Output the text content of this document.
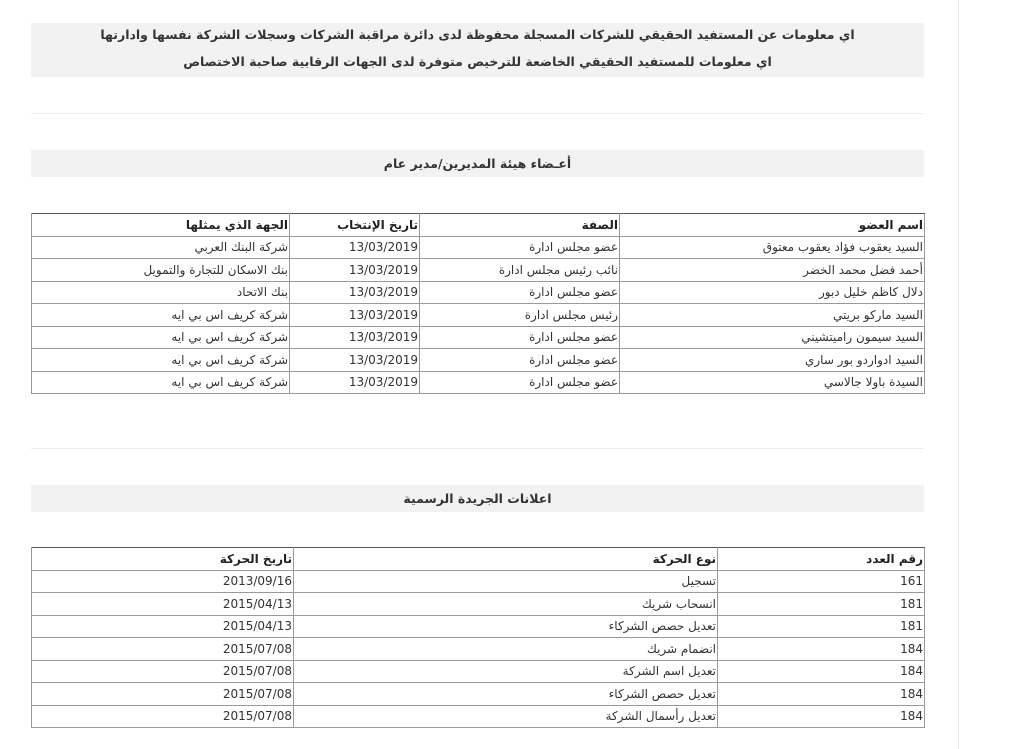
اي معلومات عن المستفيد الحقيقي للشركات المسجلة محفوظة لدى دائرة مراقبة الشركات وسجلات الشركة نفسها وادارتها
اي معلومات للمستفيد الحقيقي الخاضعة للترخيص متوفرة لدى الجهات الرقابية صاحبة الاختصاص
أعـضاء هيئة المديرين/مدير عام
اسم العضو	الصفة	تاريخ الإنتخاب	الجهة الذي يمثلها
السيد يعقوب فؤاد يعقوب معتوق	عضو مجلس ادارة	13/03/2019	شركة البنك العربي
أحمد فضل محمد الخضر	نائب رئيس مجلس ادارة	13/03/2019	بنك الاسكان للتجارة والتمويل
دلال كاظم خليل دبور	عضو مجلس ادارة	13/03/2019	بنك الاتحاد
السيد ماركو بريتي	رئيس مجلس ادارة	13/03/2019	شركة كريف اس بي ايه
السيد سيمون راميتشيني	عضو مجلس ادارة	13/03/2019	شركة كريف اس بي ايه
السيد ادواردو بور ساري	عضو مجلس ادارة	13/03/2019	شركة كريف اس بي ايه
السيدة باولا جالاسي	عضو مجلس ادارة	13/03/2019	شركة كريف اس بي ايه
اعلانات الجريدة الرسمية
رقم العدد	نوع الحركة	تاريخ الحركة
161	تسجيل	2013/09/16
181	انسحاب شريك	2015/04/13
181	تعديل حصص الشركاء	2015/04/13
184	انضمام شريك	2015/07/08
184	تعديل اسم الشركة	2015/07/08
184	تعديل حصص الشركاء	2015/07/08
184	تعديل رأسمال الشركة	2015/07/08
